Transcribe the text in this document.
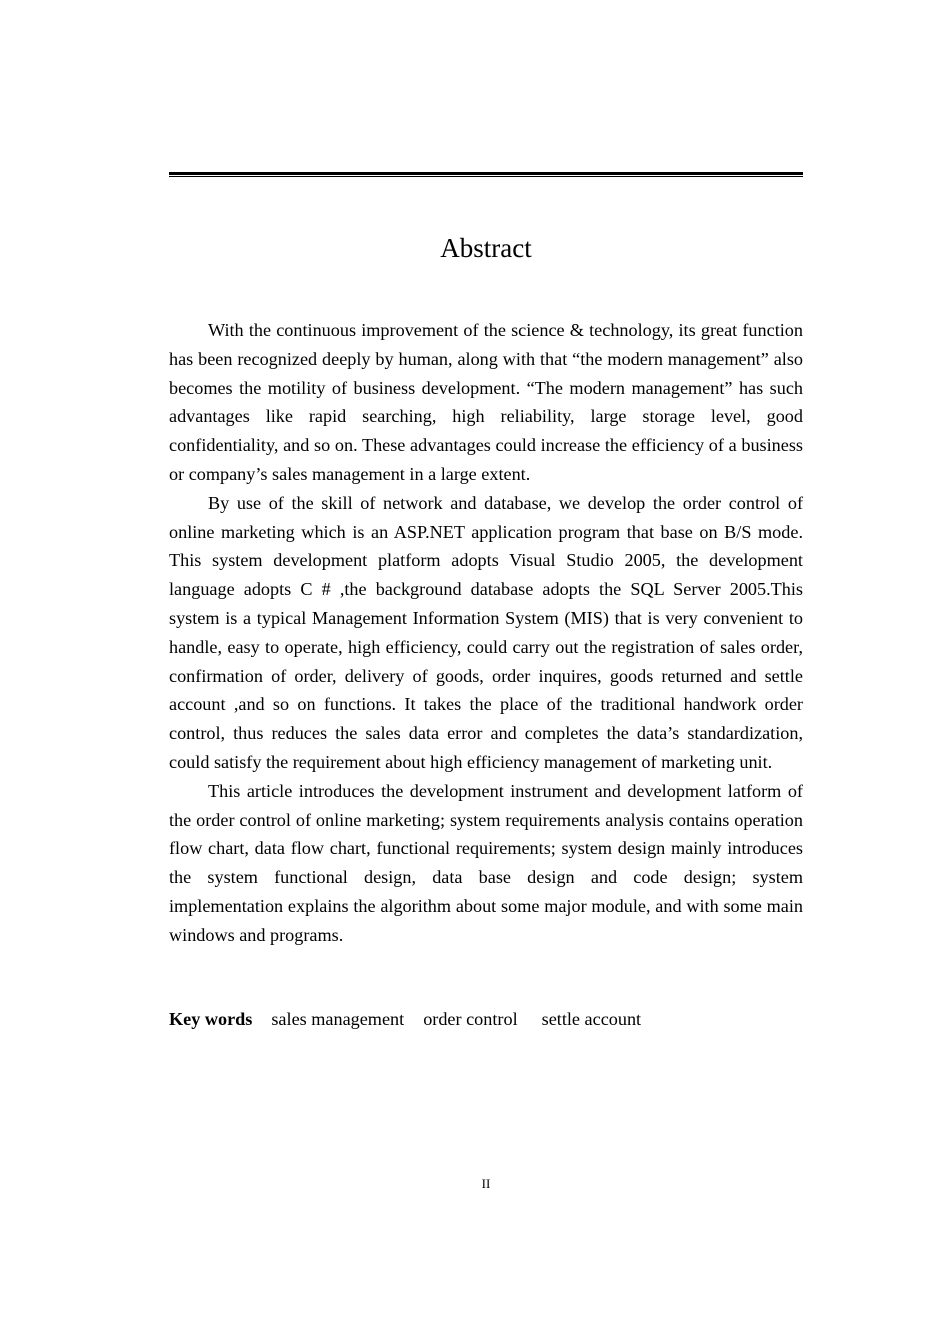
Abstract

With the continuous improvement of the science & technology, its great function has been recognized deeply by human, along with that “the modern management” also becomes the motility of business development. “The modern management” has such advantages like rapid searching, high reliability, large storage level, good confidentiality, and so on. These advantages could increase the efficiency of a business or company’s sales management in a large extent.

By use of the skill of network and database, we develop the order control of online marketing which is an ASP.NET application program that base on B/S mode. This system development platform adopts Visual Studio 2005, the development language adopts C # ,the background database adopts the SQL Server 2005.This system is a typical Management Information System (MIS) that is very convenient to handle, easy to operate, high efficiency, could carry out the registration of sales order, confirmation of order, delivery of goods, order inquires, goods returned and settle account ,and so on functions. It takes the place of the traditional handwork order control, thus reduces the sales data error and completes the data’s standardization, could satisfy the requirement about high efficiency management of marketing unit.

This article introduces the development instrument and development latform of the order control of online marketing; system requirements analysis contains operation flow chart, data flow chart, functional requirements; system design mainly introduces the system functional design, data base design and code design; system implementation explains the algorithm about some major module, and with some main windows and programs.

Key words sales management order control settle account
II
